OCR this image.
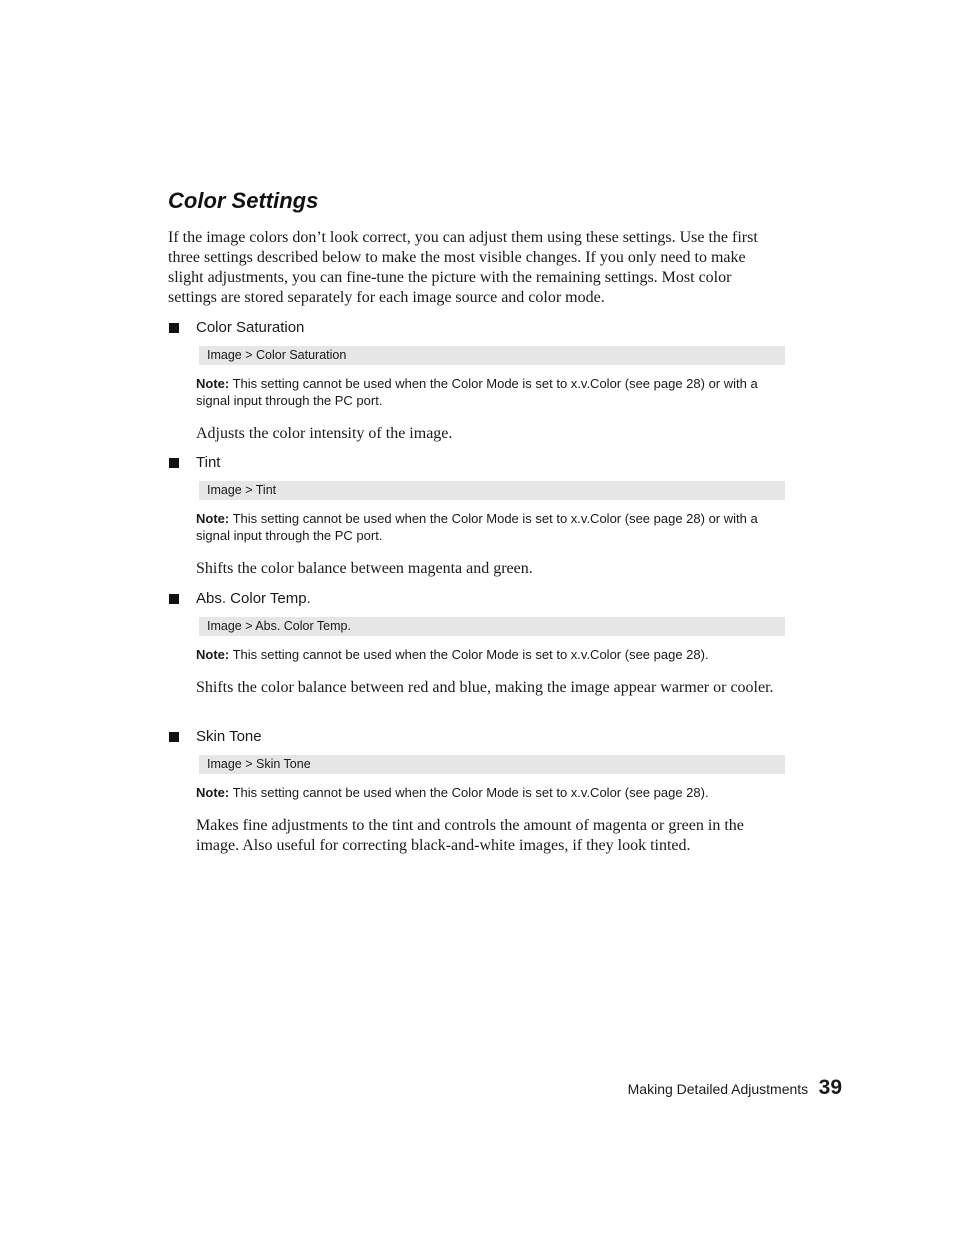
Color Settings

If the image colors don’t look correct, you can adjust them using these settings. Use the first three settings described below to make the most visible changes. If you only need to make slight adjustments, you can fine-tune the picture with the remaining settings. Most color settings are stored separately for each image source and color mode.

Color Saturation
Image > Color Saturation
Note: This setting cannot be used when the Color Mode is set to x.v.Color (see page 28) or with a signal input through the PC port.
Adjusts the color intensity of the image.
Tint
Image > Tint
Note: This setting cannot be used when the Color Mode is set to x.v.Color (see page 28) or with a signal input through the PC port.
Shifts the color balance between magenta and green.
Abs. Color Temp.
Image > Abs. Color Temp.
Note: This setting cannot be used when the Color Mode is set to x.v.Color (see page 28).
Shifts the color balance between red and blue, making the image appear warmer or cooler.
Skin Tone
Image > Skin Tone
Note: This setting cannot be used when the Color Mode is set to x.v.Color (see page 28).
Makes fine adjustments to the tint and controls the amount of magenta or green in the image. Also useful for correcting black-and-white images, if they look tinted.
Making Detailed Adjustments 39
